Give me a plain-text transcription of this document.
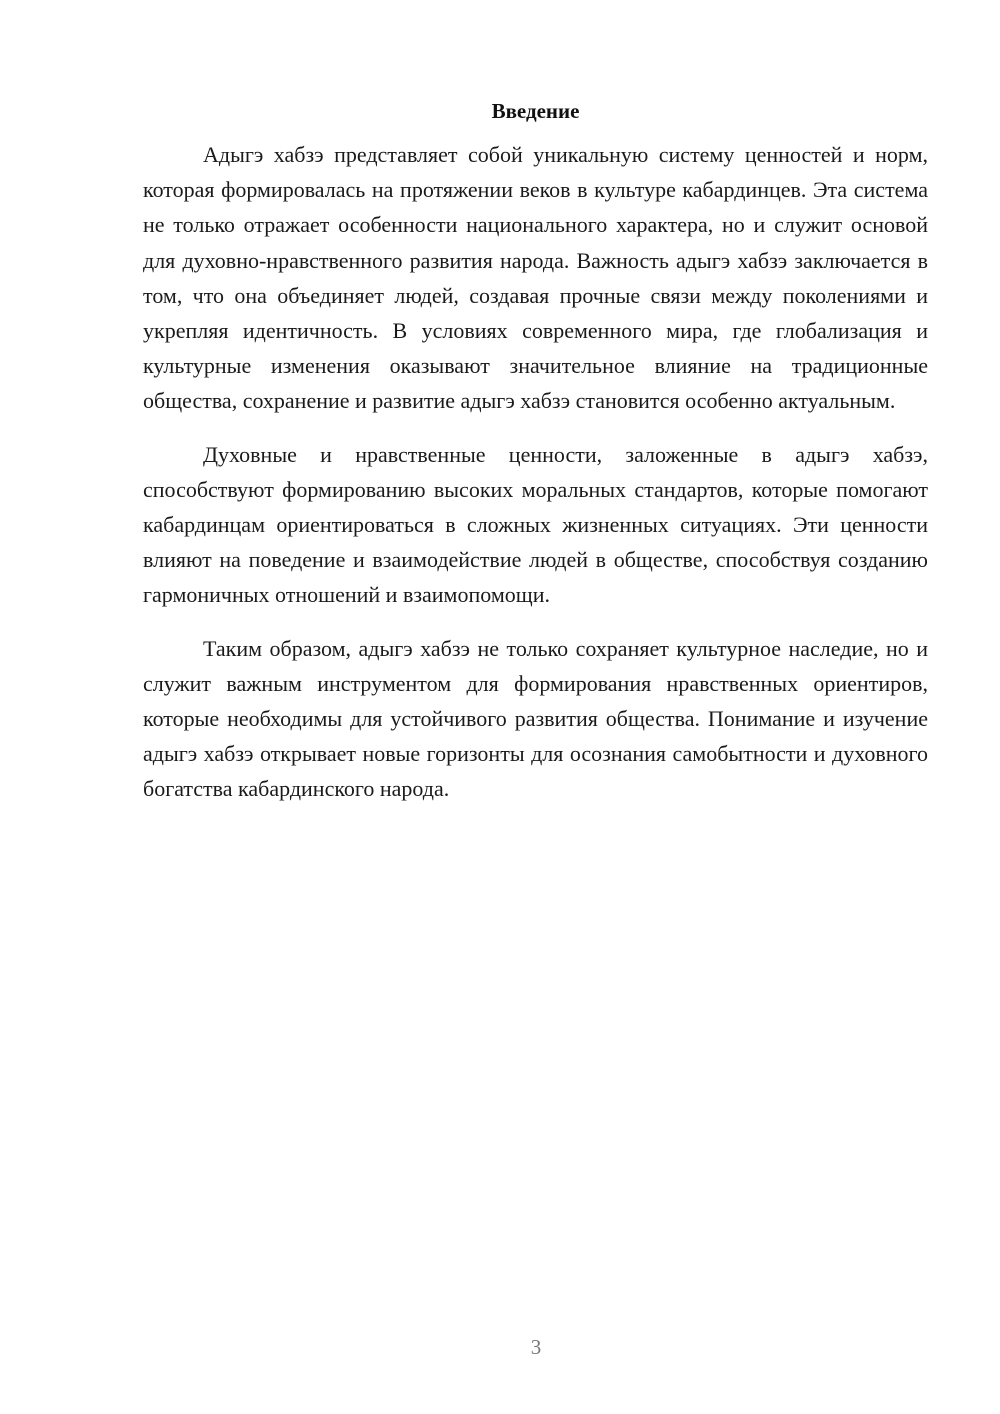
Введение

Адыгэ хабзэ представляет собой уникальную систему ценностей и норм, которая формировалась на протяжении веков в культуре кабардинцев. Эта система не только отражает особенности национального характера, но и служит основой для духовно-нравственного развития народа. Важность адыгэ хабзэ заключается в том, что она объединяет людей, создавая прочные связи между поколениями и укрепляя идентичность. В условиях современного мира, где глобализация и культурные изменения оказывают значительное влияние на традиционные общества, сохранение и развитие адыгэ хабзэ становится особенно актуальным.

Духовные и нравственные ценности, заложенные в адыгэ хабзэ, способствуют формированию высоких моральных стандартов, которые помогают кабардинцам ориентироваться в сложных жизненных ситуациях. Эти ценности влияют на поведение и взаимодействие людей в обществе, способствуя созданию гармоничных отношений и взаимопомощи.

Таким образом, адыгэ хабзэ не только сохраняет культурное наследие, но и служит важным инструментом для формирования нравственных ориентиров, которые необходимы для устойчивого развития общества. Понимание и изучение адыгэ хабзэ открывает новые горизонты для осознания самобытности и духовного богатства кабардинского народа.

3
